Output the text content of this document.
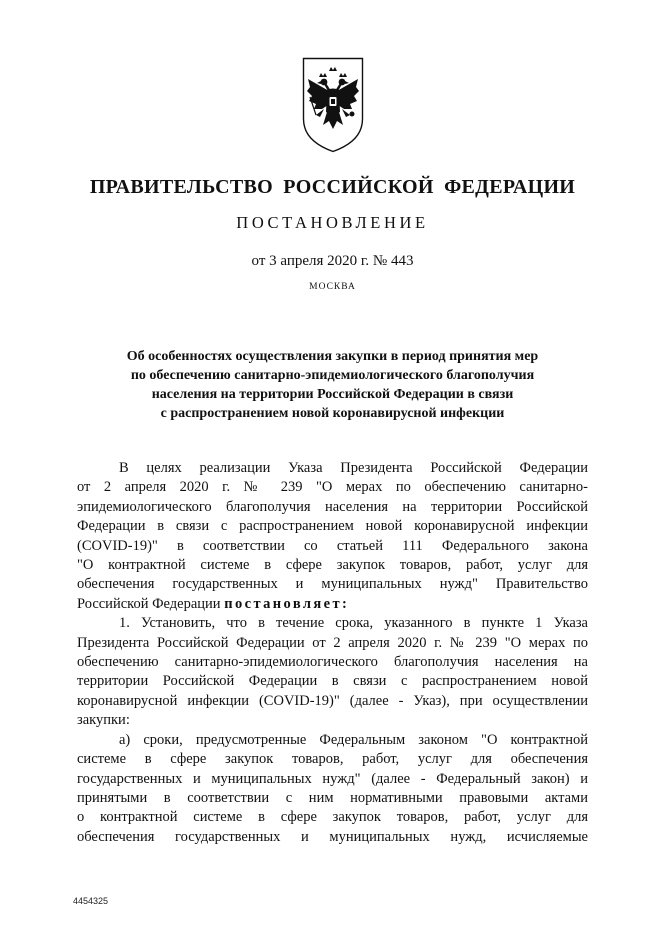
ПРАВИТЕЛЬСТВО РОССИЙСКОЙ ФЕДЕРАЦИИ
ПОСТАНОВЛЕНИЕ
от 3 апреля 2020 г. № 443
МОСКВА
Об особенностях осуществления закупки в период принятия мер
по обеспечению санитарно-эпидемиологического благополучия
населения на территории Российской Федерации в связи
с распространением новой коронавирусной инфекции
В целях реализации Указа Президента Российской Федерации
от 2 апреля 2020 г. № 239 "О мерах по обеспечению санитарно-
эпидемиологического благополучия населения на территории Российской
Федерации в связи с распространением новой коронавирусной инфекции
(COVID-19)" в соответствии со статьей 111 Федерального закона
"О контрактной системе в сфере закупок товаров, работ, услуг для
обеспечения государственных и муниципальных нужд" Правительство
Российской Федерации постановляет:
1. Установить, что в течение срока, указанного в пункте 1 Указа
Президента Российской Федерации от 2 апреля 2020 г. № 239 "О мерах по
обеспечению санитарно-эпидемиологического благополучия населения на
территории Российской Федерации в связи с распространением новой
коронавирусной инфекции (COVID-19)" (далее - Указ), при осуществлении
закупки:
а) сроки, предусмотренные Федеральным законом "О контрактной
системе в сфере закупок товаров, работ, услуг для обеспечения
государственных и муниципальных нужд" (далее - Федеральный закон) и
принятыми в соответствии с ним нормативными правовыми актами
о контрактной системе в сфере закупок товаров, работ, услуг для
обеспечения государственных и муниципальных нужд, исчисляемые
4454325
